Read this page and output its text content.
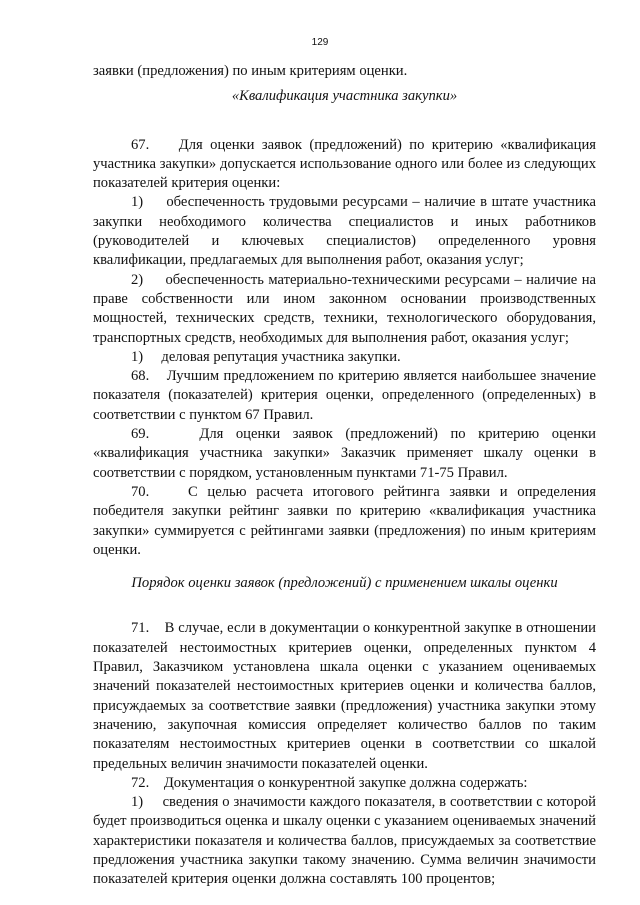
129

заявки (предложения) по иным критериям оценки.

«Квалификация участника закупки»

67.    Для оценки заявок (предложений) по критерию «квалификация участника закупки» допускается использование одного или более из следующих показателей критерия оценки:

1)     обеспеченность трудовыми ресурсами – наличие в штате участника закупки необходимого количества специалистов и иных работников (руководителей и ключевых специалистов) определенного уровня квалификации, предлагаемых для выполнения работ, оказания услуг;

2)     обеспеченность материально-техническими ресурсами – наличие на праве собственности или ином законном основании производственных мощностей, технических средств, техники, технологического оборудования, транспортных средств, необходимых для выполнения работ, оказания услуг;

1)     деловая репутация участника закупки.

68.    Лучшим предложением по критерию является наибольшее значение показателя (показателей) критерия оценки, определенного (определенных) в соответствии с пунктом 67 Правил.

69.    Для оценки заявок (предложений) по критерию оценки «квалификация участника закупки» Заказчик применяет шкалу оценки в соответствии с порядком, установленным пунктами 71-75 Правил.

70.    С целью расчета итогового рейтинга заявки и определения победителя закупки рейтинг заявки по критерию «квалификация участника закупки» суммируется с рейтингами заявки (предложения) по иным критериям оценки.

Порядок оценки заявок (предложений) с применением шкалы оценки

71.    В случае, если в документации о конкурентной закупке в отношении показателей нестоимостных критериев оценки, определенных пунктом 4 Правил, Заказчиком установлена шкала оценки с указанием оцениваемых значений показателей нестоимостных критериев оценки и количества баллов, присуждаемых за соответствие заявки (предложения) участника закупки этому значению, закупочная комиссия определяет количество баллов по таким показателям нестоимостных критериев оценки в соответствии со шкалой предельных величин значимости показателей оценки.

72.    Документация о конкурентной закупке должна содержать:

1)     сведения о значимости каждого показателя, в соответствии с которой будет производиться оценка и шкалу оценки с указанием оцениваемых значений характеристики показателя и количества баллов, присуждаемых за соответствие предложения участника закупки такому значению. Сумма величин значимости показателей критерия оценки должна составлять 100 процентов;
